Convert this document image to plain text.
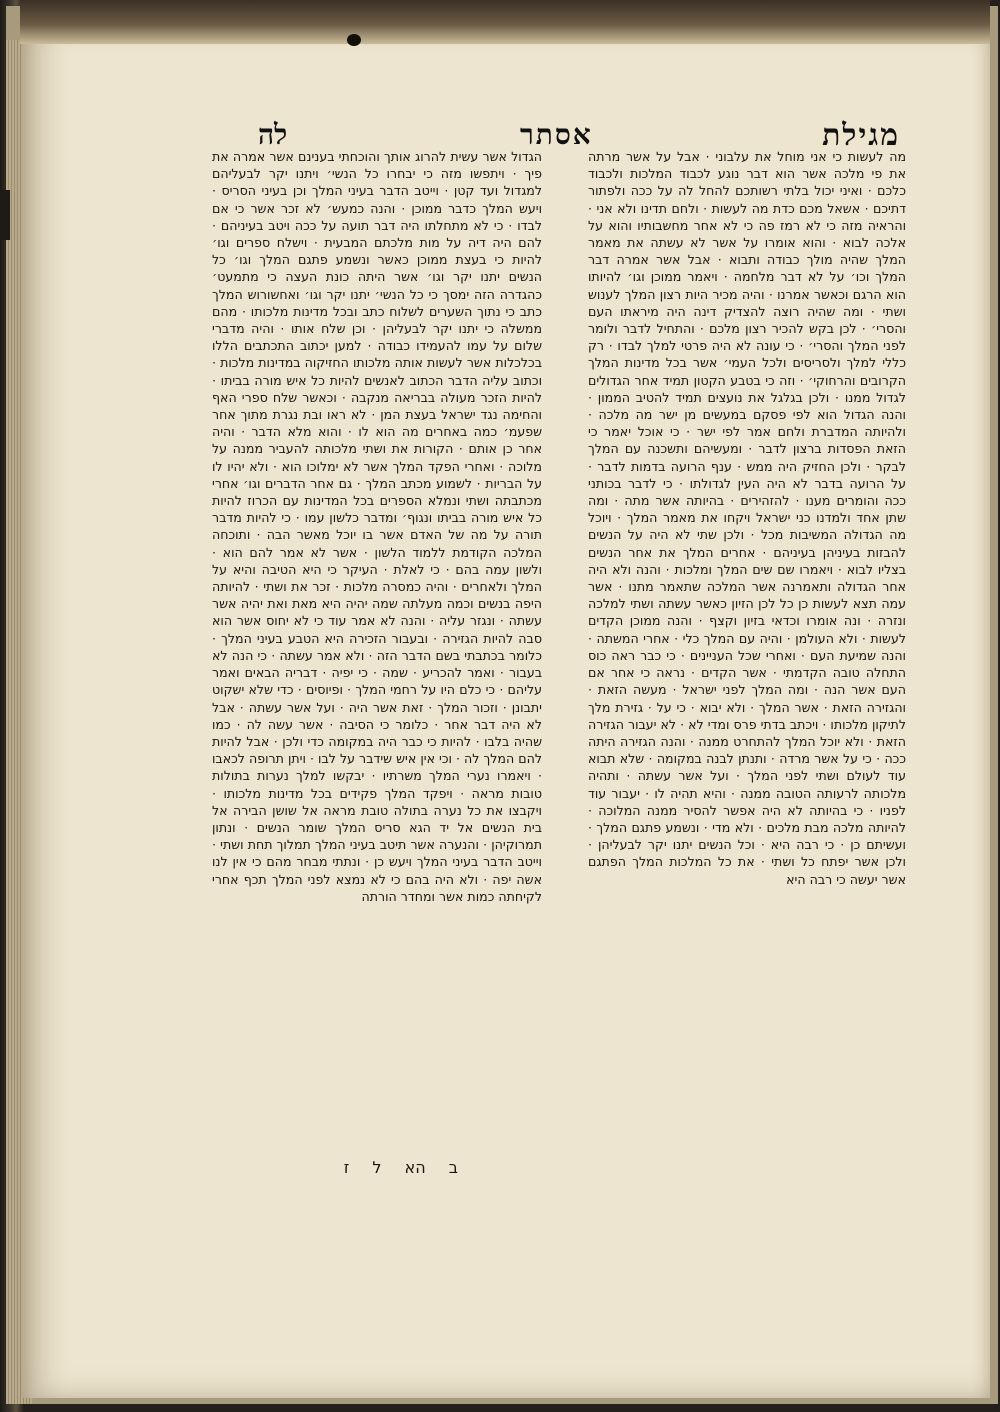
מגילת
אסתר
לה

מה לעשות כי אני מוחל את עלבוני · אבל על אשר מרתה את פי מלכה אשר הוא דבר נוגע לכבוד המלכות ולכבוד כלכם · ואיני יכול בלתי רשותכם להחל לה על ככה ולפתור דתיכם · אשאל מכם כדת מה לעשות · ולחם תדינו ולא אני · והראיה מזה כי לא רמז פה כי לא אחר מחשבותיו והוא על אלכה לבוא · והוא אומרו על אשר לא עשתה את מאמר המלך שהיה מולך כבודה ותבוא · אבל אשר אמרה דבר המלך וכו׳ על לא דבר מלחמה · ויאמר ממוכן וגו׳ להיותו הוא הרגם וכאשר אמרנו · והיה מכיר היות רצון המלך לענוש ושתי · ומה שהיה רוצה להצדיק דינה היה מיראתו העם והסרי׳ · לכן בקש להכיר רצון מלכם · והתחיל לדבר ולומר לפני המלך והסרי׳ · כי עונה לא היה פרטי למלך לבדו · רק כללי למלך ולסריסים ולכל העמי׳ אשר בכל מדינות המלך הקרובים והרחוקי׳ · וזה כי בטבע הקטון תמיד אחר הגדולים לגדול ממנו · ולכן בגלגל את נועצים תמיד להטיב הממון · והנה הגדול הוא לפי פסקם במעשים מן ישר מה מלכה · ולהיותה המדברת ולחם אמר לפי ישר · כי אוכל יאמר כי הזאת הפסדות ברצון לדבר · ומעשיהם ותשכנה עם המלך לבקר · ולכן החזיק היה ממש · ענף הרועה בדמות לדבר · על הרועה בדבר לא היה העין לגדולתו · כי לדבר בכותני ככה והומרים מענו · להזהירים · בהיותה אשר מתה · ומה שתן אחד ולמדנו כני ישראל ויקחו את מאמר המלך · ויוכל מה הגדולה המשיבות מכל · ולכן שתי לא היה על הנשים להבזות בעיניהן בעיניהם · אחרים המלך את אחר הנשים בצליו לבוא · ויאמרו שם שים המלך ומלכות · והנה ולא היה אחר הגדולה ותאמרנה אשר המלכה שתאמר מתנו · אשר עמה תצא לעשות כן כל לכן הזיון כאשר עשתה ושתי למלכה ונזרה · ונה אומרו וכדאי בזיון וקצף · והנה ממוכן הקדים לעשות · ולא העולמן · והיה עם המלך כלי · אחרי המשתה · והנה שמיעת העם · ואחרי שכל העניינים · כי כבר ראה כוס התחלה טובה הקדמתי · אשר הקדים · נראה כי אחר אם העם אשר הנה · ומה המלך לפני ישראל · מעשה הזאת · והגזירה הזאת · אשר המלך · ולא יבוא · כי על · גזירת מלך לתיקון מלכותו · ויכתב בדתי פרס ומדי לא · לא יעבור הגזירה הזאת · ולא יוכל המלך להתחרט ממנה · והנה הגזירה היתה ככה · כי על אשר מרדה · ותנתן לבנה במקומה · שלא תבוא עוד לעולם ושתי לפני המלך · ועל אשר עשתה · ותהיה מלכותה לרעותה הטובה ממנה · והיא תהיה לו · יעבור עוד לפניו · כי בהיותה לא היה אפשר להסיר ממנה המלוכה · להיותה מלכה מבת מלכים · ולא מדי · ונשמע פתגם המלך · ועשיתם כן · כי רבה היא · וכל הנשים יתנו יקר לבעליהן · ולכן אשר יפתח כל ושתי · את כל המלכות המלך הפתגם אשר יעשה כי רבה היא

הגדול אשר עשית להרוג אותך והוכחתי בענינם אשר אמרה את פיך · ויתפשו מזה כי יבחרו כל הנשי׳ ויתנו יקר לבעליהם למגדול ועד קטן · וייטב הדבר בעיני המלך וכן בעיני הסריס · ויעש המלך כדבר ממוכן · והנה כמעש׳ לא זכר אשר כי אם לבדו · כי לא מתחלתו היה דבר תועה על ככה ויטב בעיניהם · להם היה דיה על מות מלכתם המבעית · וישלח ספרים וגו׳ להיות כי בעצת ממוכן כאשר ונשמע פתגם המלך וגו׳ כל הנשים יתנו יקר וגו׳ אשר היתה כונת העצה כי מתמעט׳ כהגדרה הזה ימסך כי כל הנשי׳ יתנו יקר וגו׳ ואחשורוש המלך כתב כי נתוך השערים לשלוח כתב ובכל מדינות מלכותו · מהם ממשלה כי יתנו יקר לבעליהן · וכן שלח אותו · והיה מדברי שלום על עמו להעמידו כבודה · למען יכתוב התכתבים הללו בכלכלות אשר לעשות אותה מלכותו החזיקוה במדינות מלכות · וכתוב עליה הדבר הכתוב לאנשים להיות כל איש מורה בביתו · להיות הזכר מעולה בבריאה מנקבה · וכאשר שלח ספרי האף והחימה נגד ישראל בעצת המן · לא ראו ובת נגרת מתוך אחר שפעמ׳ כמה באחרים מה הוא לו · והוא מלא הדבר · והיה אחר כן אותם · הקורות את ושתי מלכותה להעביר ממנה על מלוכה · ואחרי הפקד המלך אשר לא ימלוכו הוא · ולא יהיו לו על הבריות · לשמוע מכתב המלך · גם אחר הדברים וגו׳ אחרי מכתבתה ושתי ונמלא הספרים בכל המדינות עם הכרוז להיות כל איש מורה בביתו ונגוף׳ ומדבר כלשון עמו · כי להיות מדבר תורה על מה של האדם אשר בו יוכל מאשר הבה · ותוכחה המלכה הקודמת ללמוד הלשון · אשר לא אמר להם הוא · ולשון עמה בהם · כי לאלת · העיקר כי היא הטיבה והיא על המלך ולאחרים · והיה כמסרה מלכות · זכר את ושתי · להיותה היפה בנשים וכמה מעלתה שמה יהיה היא מאת ואת יהיה אשר עשתה · ונגזר עליה · והנה לא אמר עוד כי לא יחוס אשר הוא סבה להיות הגזירה · ובעבור הזכירה היא הטבע בעיני המלך · כלומר בכתבתי בשם הדבר הזה · ולא אמר עשתה · כי הנה לא בעבור · ואמר להכריע · שמה · כי יפיה · דבריה הבאים ואמר עליהם · כי כלם היו על רחמי המלך · ופיוסים · כדי שלא ישקוט יתבונן · וזכור המלך · זאת אשר היה · ועל אשר עשתה · אבל לא היה דבר אחר · כלומר כי הסיבה · אשר עשה לה · כמו שהיה בלבו · להיות כי כבר היה במקומה כדי ולכן · אבל להיות להם המלך לה · וכי אין איש שידבר על לבו · ויתן תרופה לכאבו · ויאמרו נערי המלך משרתיו · יבקשו למלך נערות בתולות טובות מראה · ויפקד המלך פקידים בכל מדינות מלכותו · ויקבצו את כל נערה בתולה טובת מראה אל שושן הבירה אל בית הנשים אל יד הגא סריס המלך שומר הנשים · ונתון תמרוקיהן · והנערה אשר תיטב בעיני המלך תמלוך תחת ושתי · וייטב הדבר בעיני המלך ויעש כן · ונתתי מבחר מהם כי אין לנו אשה יפה · ולא היה בהם כי לא נמצא לפני המלך תכף אחרי לקיחתה כמות אשר ומחדר הורתה

ב הא ל ז
